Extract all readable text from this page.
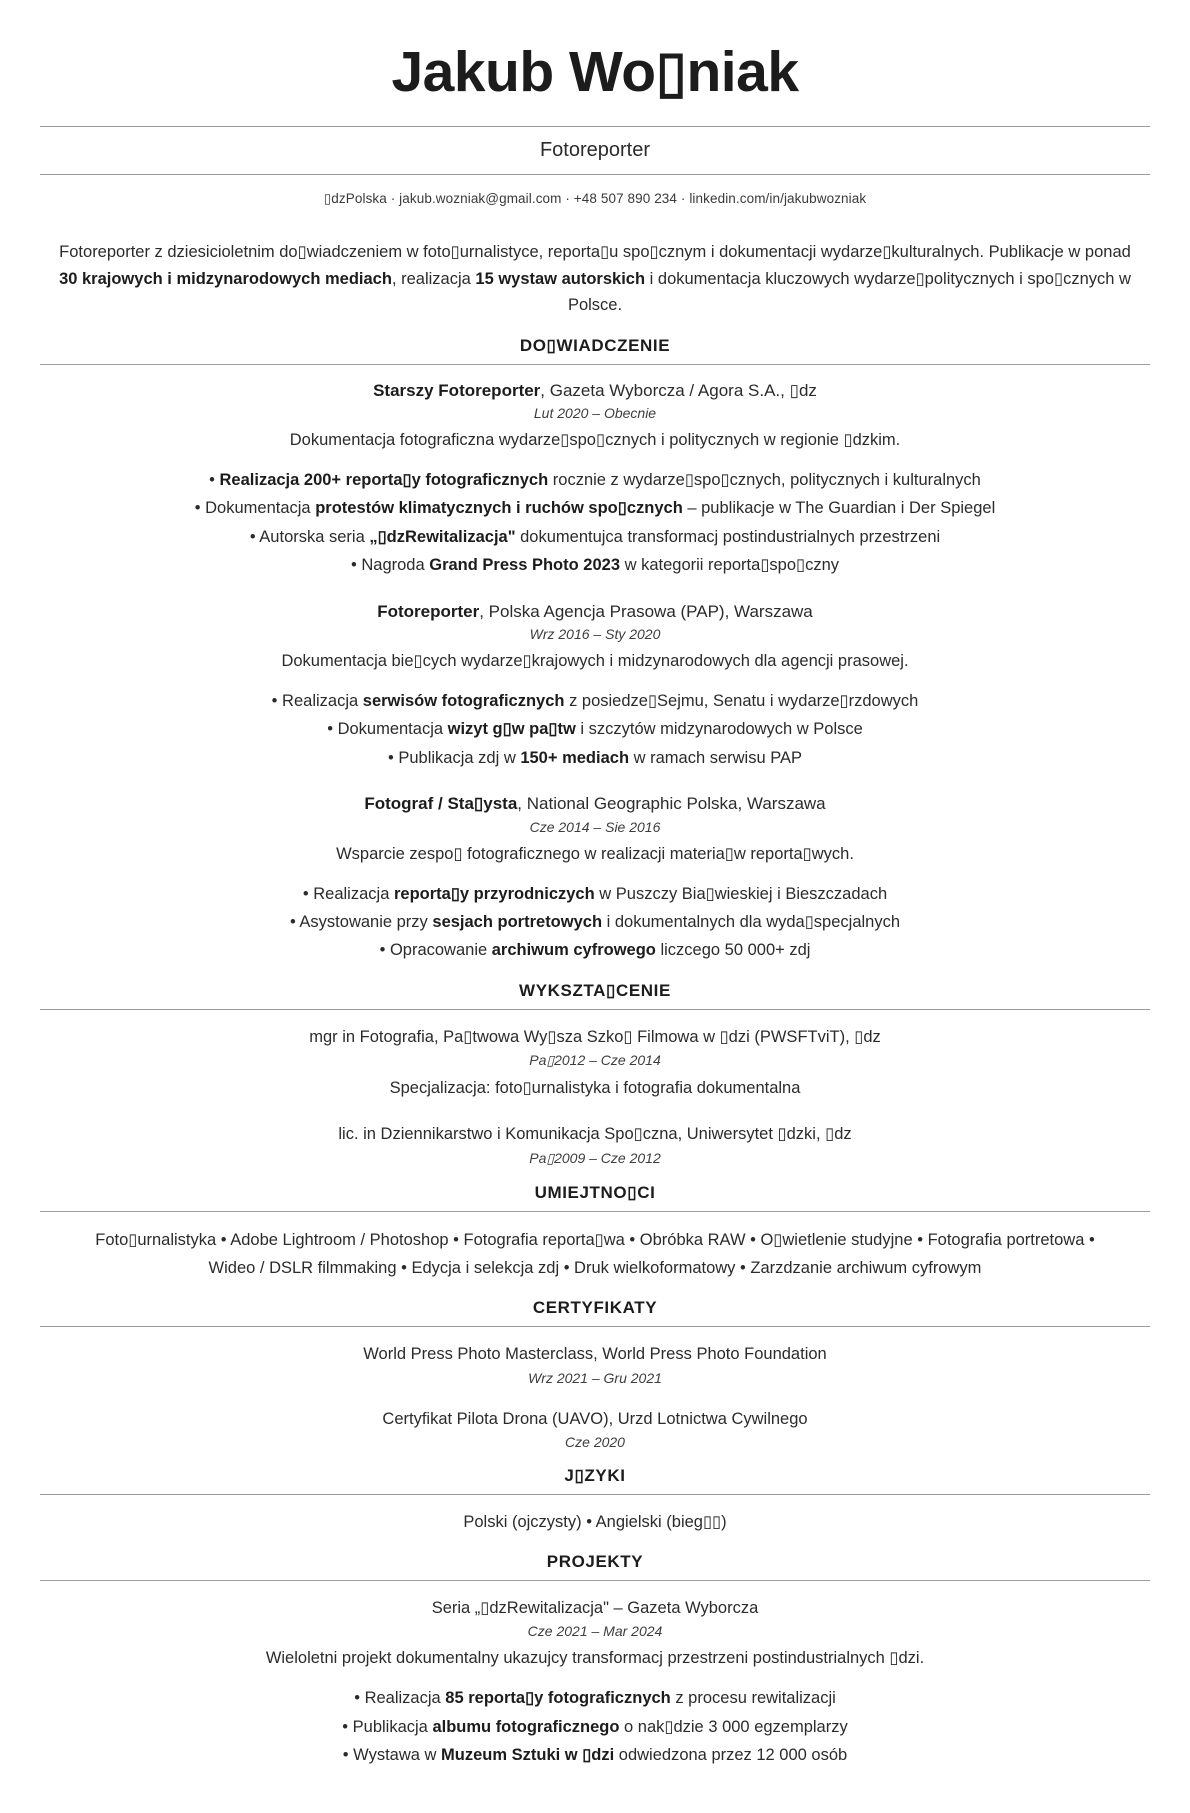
Jakub Wo▯niak
Fotoreporter
▯dzPolska · jakub.wozniak@gmail.com · +48 507 890 234 · linkedin.com/in/jakubwozniak

Fotoreporter z dziesicioletnim do▯wiadczeniem w foto▯urnalistyce, reporta▯u spo▯cznym i dokumentacji wydarze▯kulturalnych. Publikacje w ponad 30 krajowych i midzynarodowych mediach, realizacja 15 wystaw autorskich i dokumentacja kluczowych wydarze▯politycznych i spo▯cznych w Polsce.

DO▯WIADCZENIE
Starszy Fotoreporter, Gazeta Wyborcza / Agora S.A., ▯dz
Lut 2020 – Obecnie
Dokumentacja fotograficzna wydarze▯spo▯cznych i politycznych w regionie ▯dzkim.
• Realizacja 200+ reporta▯y fotograficznych rocznie z wydarze▯spo▯cznych, politycznych i kulturalnych
• Dokumentacja protestów klimatycznych i ruchów spo▯cznych – publikacje w The Guardian i Der Spiegel
• Autorska seria „▯dzRewitalizacja" dokumentujca transformacj postindustrialnych przestrzeni
• Nagroda Grand Press Photo 2023 w kategorii reporta▯spo▯czny
Fotoreporter, Polska Agencja Prasowa (PAP), Warszawa
Wrz 2016 – Sty 2020
Dokumentacja bie▯cych wydarze▯krajowych i midzynarodowych dla agencji prasowej.
• Realizacja serwisów fotograficznych z posiedze▯Sejmu, Senatu i wydarze▯rzdowych
• Dokumentacja wizyt g▯w pa▯tw i szczytów midzynarodowych w Polsce
• Publikacja zdj w 150+ mediach w ramach serwisu PAP
Fotograf / Sta▯ysta, National Geographic Polska, Warszawa
Cze 2014 – Sie 2016
Wsparcie zespo▯ fotograficznego w realizacji materia▯w reporta▯wych.
• Realizacja reporta▯y przyrodniczych w Puszczy Bia▯wieskiej i Bieszczadach
• Asystowanie przy sesjach portretowych i dokumentalnych dla wyda▯specjalnych
• Opracowanie archiwum cyfrowego liczcego 50 000+ zdj
WYKSZTA▯CENIE
mgr in Fotografia, Pa▯twowa Wy▯sza Szko▯ Filmowa w ▯dzi (PWSFTviT), ▯dz
Pa▯2012 – Cze 2014
Specjalizacja: foto▯urnalistyka i fotografia dokumentalna
lic. in Dziennikarstwo i Komunikacja Spo▯czna, Uniwersytet ▯dzki, ▯dz
Pa▯2009 – Cze 2012
UMIEJTNO▯CI
Foto▯urnalistyka • Adobe Lightroom / Photoshop • Fotografia reporta▯wa • Obróbka RAW • O▯wietlenie studyjne • Fotografia portretowa •
Wideo / DSLR filmmaking • Edycja i selekcja zdj • Druk wielkoformatowy • Zarzdzanie archiwum cyfrowym
CERTYFIKATY
World Press Photo Masterclass, World Press Photo Foundation
Wrz 2021 – Gru 2021
Certyfikat Pilota Drona (UAVO), Urzd Lotnictwa Cywilnego
Cze 2020
J▯ZYKI
Polski (ojczysty) • Angielski (bieg▯▯)
PROJEKTY
Seria „▯dzRewitalizacja" – Gazeta Wyborcza
Cze 2021 – Mar 2024
Wieloletni projekt dokumentalny ukazujcy transformacj przestrzeni postindustrialnych ▯dzi.
• Realizacja 85 reporta▯y fotograficznych z procesu rewitalizacji
• Publikacja albumu fotograficznego o nak▯dzie 3 000 egzemplarzy
• Wystawa w Muzeum Sztuki w ▯dzi odwiedzona przez 12 000 osób
